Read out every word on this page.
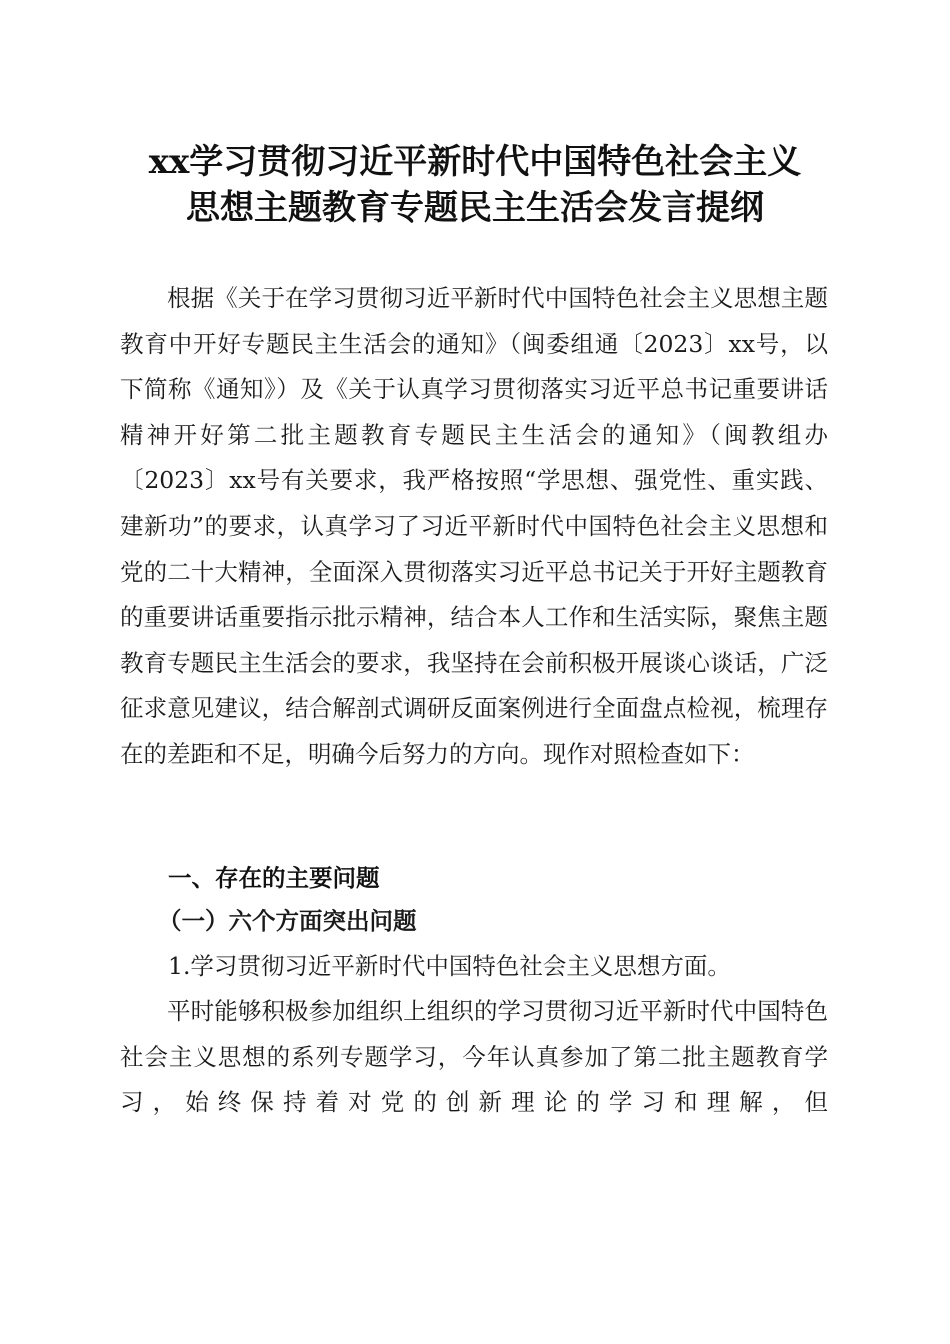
xx学习贯彻习近平新时代中国特色社会主义
思想主题教育专题民主生活会发言提纲

根据《关于在学习贯彻习近平新时代中国特色社会主义思想主题教育中开好专题民主生活会的通知》（闽委组通〔2023〕xx号，以下简称《通知》）及《关于认真学习贯彻落实习近平总书记重要讲话精神开好第二批主题教育专题民主生活会的通知》（闽教组办〔2023〕xx号有关要求，我严格按照“学思想、强党性、重实践、建新功”的要求，认真学习了习近平新时代中国特色社会主义思想和党的二十大精神，全面深入贯彻落实习近平总书记关于开好主题教育的重要讲话重要指示批示精神，结合本人工作和生活实际，聚焦主题教育专题民主生活会的要求，我坚持在会前积极开展谈心谈话，广泛征求意见建议，结合解剖式调研反面案例进行全面盘点检视，梳理存在的差距和不足，明确今后努力的方向。现作对照检查如下：

一、存在的主要问题
（一）六个方面突出问题

1.学习贯彻习近平新时代中国特色社会主义思想方面。

平时能够积极参加组织上组织的学习贯彻习近平新时代中国特色社会主义思想的系列专题学习，今年认真参加了第二批主题教育学习，始终保持着对党的创新理论的学习和理解，但
